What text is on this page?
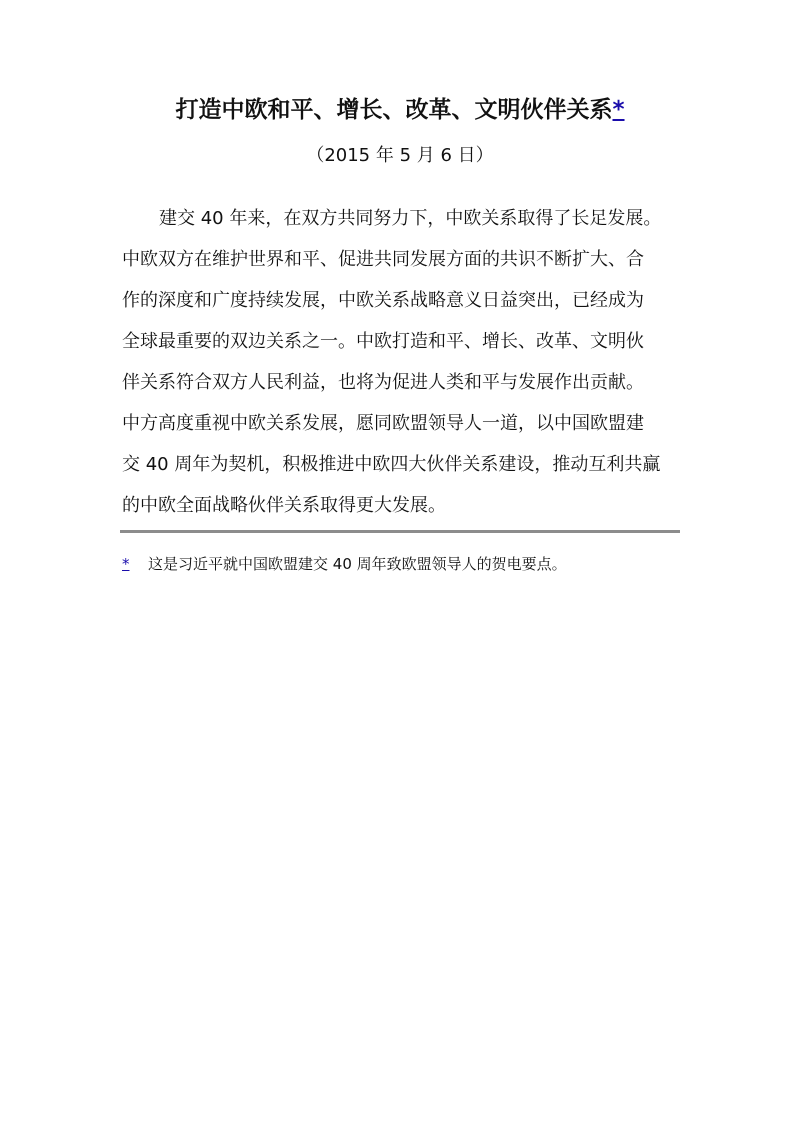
打造中欧和平、增长、改革、文明伙伴关系*
（2015 年 5 月 6 日）
建交 40 年来，在双方共同努力下，中欧关系取得了长足发展。
中欧双方在维护世界和平、促进共同发展方面的共识不断扩大、合
作的深度和广度持续发展，中欧关系战略意义日益突出，已经成为
全球最重要的双边关系之一。中欧打造和平、增长、改革、文明伙
伴关系符合双方人民利益，也将为促进人类和平与发展作出贡献。
中方高度重视中欧关系发展，愿同欧盟领导人一道，以中国欧盟建
交 40 周年为契机，积极推进中欧四大伙伴关系建设，推动互利共赢
的中欧全面战略伙伴关系取得更大发展。
* 这是习近平就中国欧盟建交 40 周年致欧盟领导人的贺电要点。
